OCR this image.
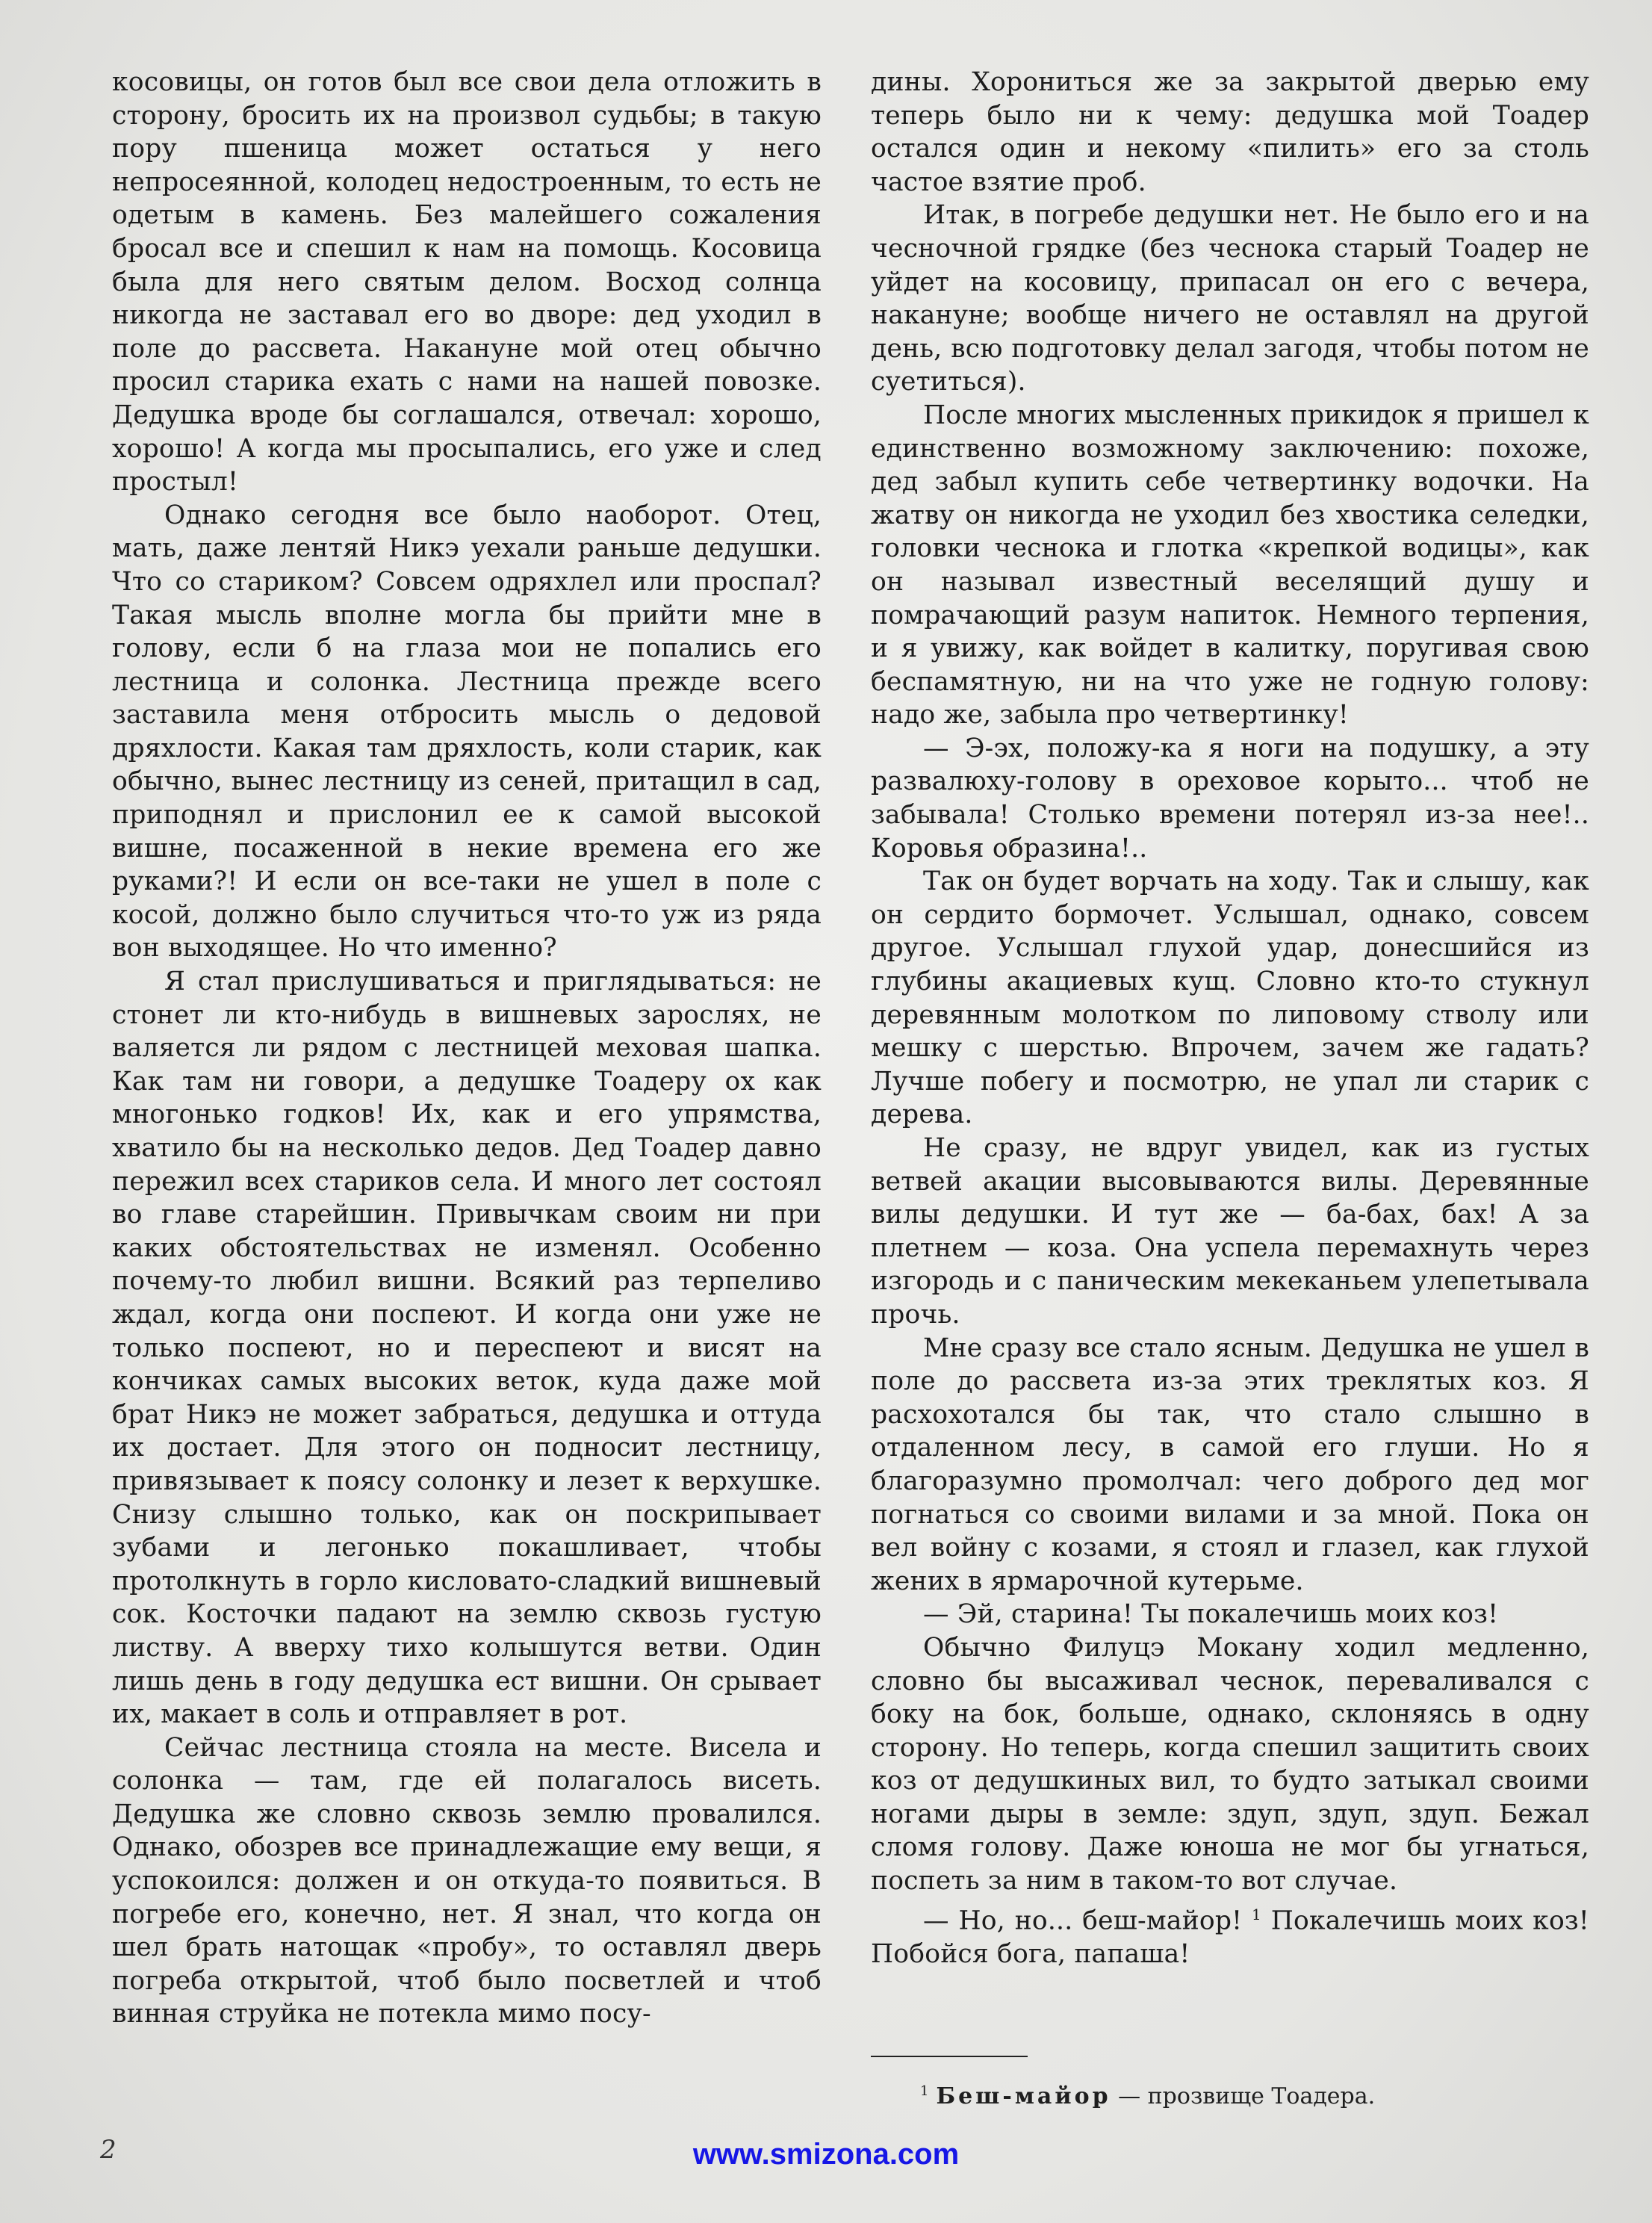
косовицы, он готов был все свои дела отложить в сторону, бросить их на произвол судьбы; в такую пору пшеница может остаться у него непросеянной, колодец недостроенным, то есть не одетым в камень. Без малейшего сожаления бросал все и спешил к нам на помощь. Косовица была для него святым делом. Восход солнца никогда не заставал его во дворе: дед уходил в поле до рассвета. Накануне мой отец обычно просил старика ехать с нами на нашей повозке. Дедушка вроде бы соглашался, отвечал: хорошо, хорошо! А когда мы просыпались, его уже и след простыл!

Однако сегодня все было наоборот. Отец, мать, даже лентяй Никэ уехали раньше дедушки. Что со стариком? Совсем одряхлел или проспал? Такая мысль вполне могла бы прийти мне в голову, если б на глаза мои не попались его лестница и солонка. Лестница прежде всего заставила меня отбросить мысль о дедовой дряхлости. Какая там дряхлость, коли старик, как обычно, вынес лестницу из сеней, притащил в сад, приподнял и прислонил ее к самой высокой вишне, посаженной в некие времена его же руками?! И если он все-таки не ушел в поле с косой, должно было случиться что-то уж из ряда вон выходящее. Но что именно?

Я стал прислушиваться и приглядываться: не стонет ли кто-нибудь в вишневых зарослях, не валяется ли рядом с лестницей меховая шапка. Как там ни говори, а дедушке Тоадеру ох как многонько годков! Их, как и его упрямства, хватило бы на несколько дедов. Дед Тоадер давно пережил всех стариков села. И много лет состоял во главе старейшин. Привычкам своим ни при каких обстоятельствах не изменял. Особенно почему-то любил вишни. Всякий раз терпеливо ждал, когда они поспеют. И когда они уже не только поспеют, но и переспеют и висят на кончиках самых высоких веток, куда даже мой брат Никэ не может забраться, дедушка и оттуда их достает. Для этого он подносит лестницу, привязывает к поясу солонку и лезет к верхушке. Снизу слышно только, как он поскрипывает зубами и легонько покашливает, чтобы протолкнуть в горло кисловато-сладкий вишневый сок. Косточки падают на землю сквозь густую листву. А вверху тихо колышутся ветви. Один лишь день в году дедушка ест вишни. Он срывает их, макает в соль и отправляет в рот.

Сейчас лестница стояла на месте. Висела и солонка — там, где ей полагалось висеть. Дедушка же словно сквозь землю провалился. Однако, обозрев все принадлежащие ему вещи, я успокоился: должен и он откуда-то появиться. В погребе его, конечно, нет. Я знал, что когда он шел брать натощак «пробу», то оставлял дверь погреба открытой, чтоб было посветлей и чтоб винная струйка не потекла мимо посу-

дины. Хорониться же за закрытой дверью ему теперь было ни к чему: дедушка мой Тоадер остался один и некому «пилить» его за столь частое взятие проб.

Итак, в погребе дедушки нет. Не было его и на чесночной грядке (без чеснока старый Тоадер не уйдет на косовицу, припасал он его с вечера, накануне; вообще ничего не оставлял на другой день, всю подготовку делал загодя, чтобы потом не суетиться).

После многих мысленных прикидок я пришел к единственно возможному заключению: похоже, дед забыл купить себе четвертинку водочки. На жатву он никогда не уходил без хвостика селедки, головки чеснока и глотка «крепкой водицы», как он называл известный веселящий душу и помрачающий разум напиток. Немного терпения, и я увижу, как войдет в калитку, поругивая свою беспамятную, ни на что уже не годную голову: надо же, забыла про четвертинку!

— Э-эх, положу-ка я ноги на подушку, а эту развалюху-голову в ореховое корыто... чтоб не забывала! Столько времени потерял из-за нее!.. Коровья образина!..

Так он будет ворчать на ходу. Так и слышу, как он сердито бормочет. Услышал, однако, совсем другое. Услышал глухой удар, донесшийся из глубины акациевых кущ. Словно кто-то стукнул деревянным молотком по липовому стволу или мешку с шерстью. Впрочем, зачем же гадать? Лучше побегу и посмотрю, не упал ли старик с дерева.

Не сразу, не вдруг увидел, как из густых ветвей акации высовываются вилы. Деревянные вилы дедушки. И тут же — ба-бах, бах! А за плетнем — коза. Она успела перемахнуть через изгородь и с паническим мекеканьем улепетывала прочь.

Мне сразу все стало ясным. Дедушка не ушел в поле до рассвета из-за этих треклятых коз. Я расхохотался бы так, что стало слышно в отдаленном лесу, в самой его глуши. Но я благоразумно промолчал: чего доброго дед мог погнаться со своими вилами и за мной. Пока он вел войну с козами, я стоял и глазел, как глухой жених в ярмарочной кутерьме.

— Эй, старина! Ты покалечишь моих коз!

Обычно Филуцэ Мокану ходил медленно, словно бы высаживал чеснок, переваливался с боку на бок, больше, однако, склоняясь в одну сторону. Но теперь, когда спешил защитить своих коз от дедушкиных вил, то будто затыкал своими ногами дыры в земле: здуп, здуп, здуп. Бежал сломя голову. Даже юноша не мог бы угнаться, поспеть за ним в таком-то вот случае.

— Но, но... беш-майор! $^1$ Покалечишь моих коз! Побойся бога, папаша!

$^1$ Беш-майор — прозвище Тоадера.
2	www.smizona.com
